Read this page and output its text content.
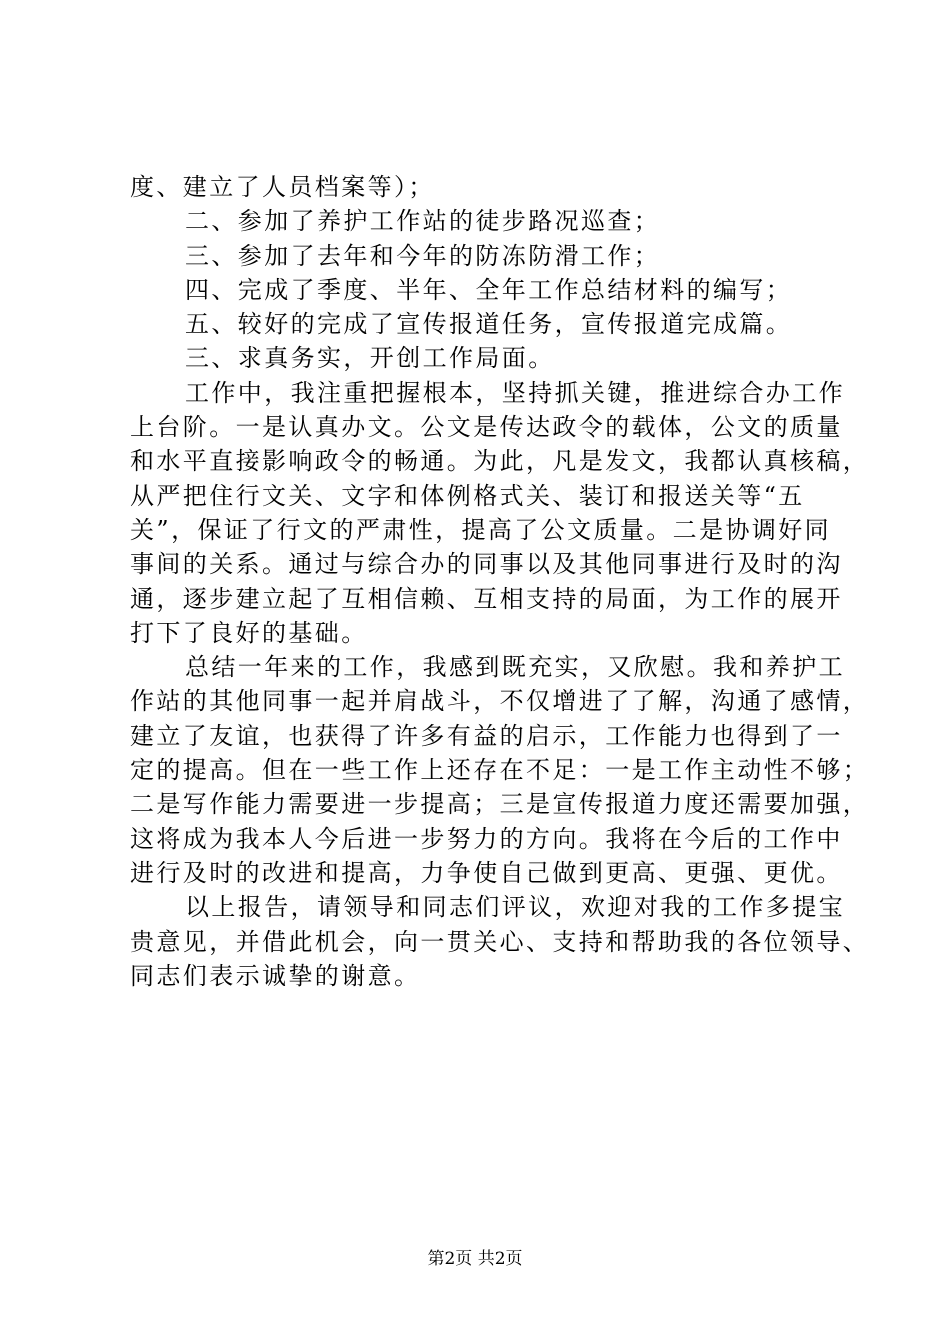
度、建立了人员档案等）；
二、参加了养护工作站的徒步路况巡查；
三、参加了去年和今年的防冻防滑工作；
四、完成了季度、半年、全年工作总结材料的编写；
五、较好的完成了宣传报道任务，宣传报道完成篇。
三、求真务实，开创工作局面。
工作中，我注重把握根本，坚持抓关键，推进综合办工作
上台阶。一是认真办文。公文是传达政令的载体，公文的质量
和水平直接影响政令的畅通。为此，凡是发文，我都认真核稿，
从严把住行文关、文字和体例格式关、装订和报送关等“五
关”，保证了行文的严肃性，提高了公文质量。二是协调好同
事间的关系。通过与综合办的同事以及其他同事进行及时的沟
通，逐步建立起了互相信赖、互相支持的局面，为工作的展开
打下了良好的基础。
总结一年来的工作，我感到既充实，又欣慰。我和养护工
作站的其他同事一起并肩战斗，不仅增进了了解，沟通了感情，
建立了友谊，也获得了许多有益的启示，工作能力也得到了一
定的提高。但在一些工作上还存在不足：一是工作主动性不够；
二是写作能力需要进一步提高；三是宣传报道力度还需要加强，
这将成为我本人今后进一步努力的方向。我将在今后的工作中
进行及时的改进和提高，力争使自己做到更高、更强、更优。
以上报告，请领导和同志们评议，欢迎对我的工作多提宝
贵意见，并借此机会，向一贯关心、支持和帮助我的各位领导、
同志们表示诚挚的谢意。
第2页 共2页
